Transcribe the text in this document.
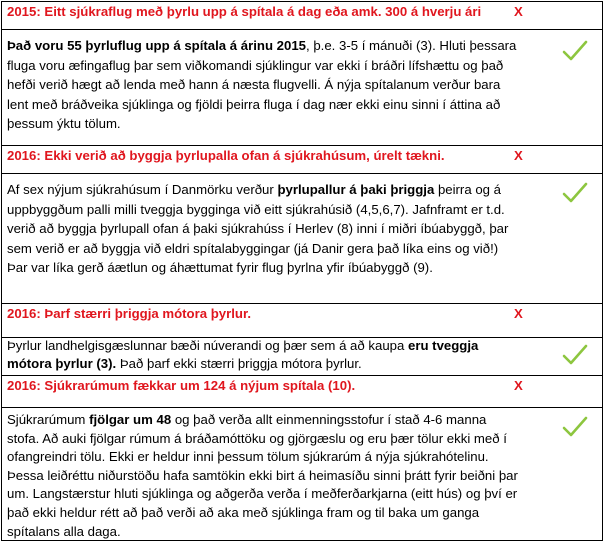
2015: Eitt sjúkraflug með þyrlu upp á spítala á dag eða amk. 300 á hverju ári X
Það voru 55 þyrluflug upp á spítala á árinu 2015, þ.e. 3-5 í mánuði (3). Hluti þessara fluga voru æfingaflug þar sem viðkomandi sjúklingur var ekki í bráðri lífshættu og það hefði verið hægt að lenda með hann á næsta flugvelli. Á nýja spítalanum verður bara lent með bráðveika sjúklinga og fjöldi þeirra fluga í dag nær ekki einu sinni í áttina að þessum ýktu tölum.
2016: Ekki verið að byggja þyrlupalla ofan á sjúkrahúsum, úrelt tækni.	X
Af sex nýjum sjúkrahúsum í Danmörku verður þyrlupallur á þaki þriggja þeirra og á uppbyggðum palli milli tveggja bygginga við eitt sjúkrahúsið (4,5,6,7). Jafnframt er t.d. verið að byggja þyrlupall ofan á þaki sjúkrahúss í Herlev (8) inni í miðri íbúabyggð, þar sem verið er að byggja við eldri spítalabyggingar (já Danir gera það líka eins og við!) Þar var líka gerð áætlun og áhættumat fyrir flug þyrlna yfir íbúabyggð (9).
2016: Þarf stærri þriggja mótora þyrlur.	X
Þyrlur landhelgisgæslunnar bæði núverandi og þær sem á að kaupa eru tveggja mótora þyrlur (3). Það þarf ekki stærri þriggja mótora þyrlur.
2016: Sjúkrarúmum fækkar um 124 á nýjum spítala (10).	X
Sjúkrarúmum fjölgar um 48 og það verða allt einmenningsstofur í stað 4-6 manna stofa. Að auki fjölgar rúmum á bráðamóttöku og gjörgæslu og eru þær tölur ekki með í ofangreindri tölu. Ekki er heldur inni þessum tölum sjúkrarúm á nýja sjúkrahótelinu. Þessa leiðréttu niðurstöðu hafa samtökin ekki birt á heimasíðu sinni þrátt fyrir beiðni þar um. Langstærstur hluti sjúklinga og aðgerða verða í meðferðarkjarna (eitt hús) og því er það ekki heldur rétt að það verði að aka með sjúklinga fram og til baka um ganga spítalans alla daga.
